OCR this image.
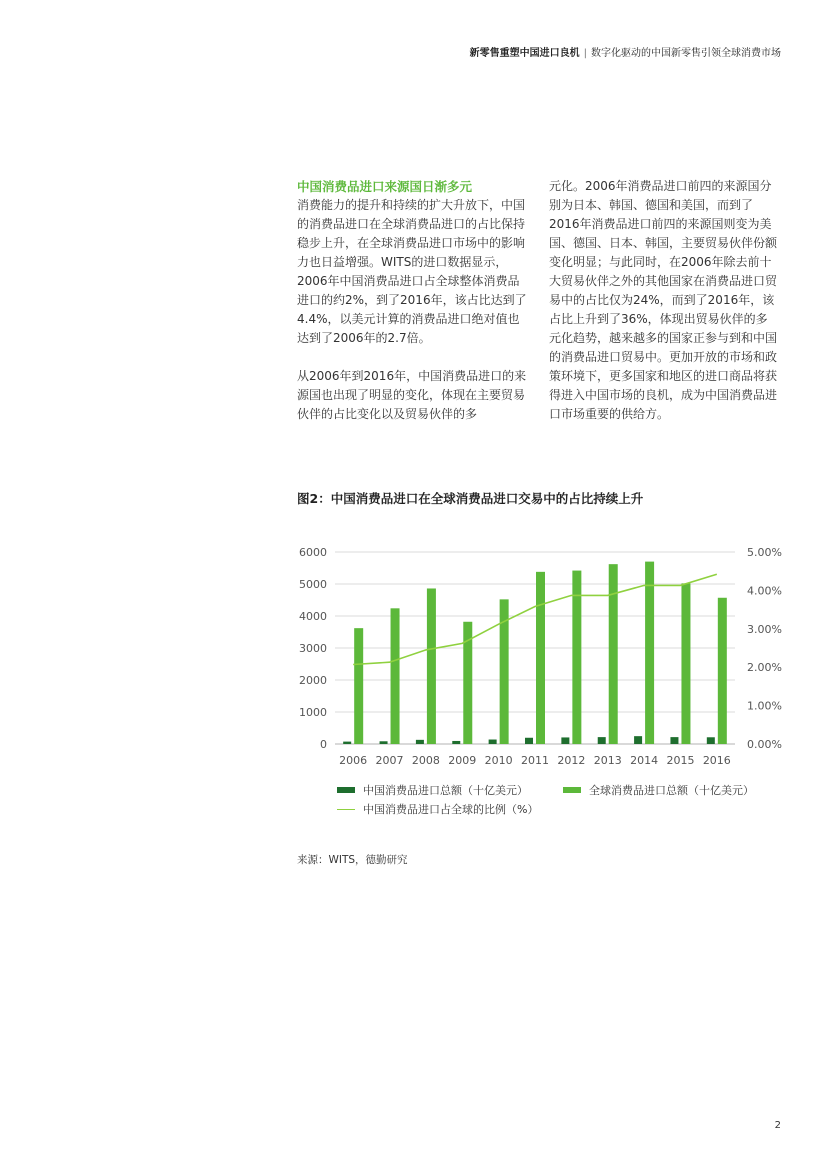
新零售重塑中国进口良机 | 数字化驱动的中国新零售引领全球消费市场
中国消费品进口来源国日渐多元

消费能力的提升和持续的扩大升放下，中国的消费品进口在全球消费品进口的占比保持稳步上升，在全球消费品进口市场中的影响力也日益增强。WITS的进口数据显示，2006年中国消费品进口占全球整体消费品进口的约2%，到了2016年，该占比达到了4.4%，以美元计算的消费品进口绝对值也达到了2006年的2.7倍。

从2006年到2016年，中国消费品进口的来源国也出现了明显的变化，体现在主要贸易伙伴的占比变化以及贸易伙伴的多

元化。2006年消费品进口前四的来源国分别为日本、韩国、德国和美国，而到了2016年消费品进口前四的来源国则变为美国、德国、日本、韩国，主要贸易伙伴份额变化明显；与此同时，在2006年除去前十大贸易伙伴之外的其他国家在消费品进口贸易中的占比仅为24%，而到了2016年，该占比上升到了36%，体现出贸易伙伴的多元化趋势，越来越多的国家正参与到和中国的消费品进口贸易中。更加开放的市场和政策环境下，更多国家和地区的进口商品将获得进入中国市场的良机，成为中国消费品进口市场重要的供给方。

图2：中国消费品进口在全球消费品进口交易中的占比持续上升
0
1000
2000
3000
4000
5000
6000
0.00%
1.00%
2.00%
3.00%
4.00%
5.00%
2006 2007 2008 2009 2010 2011 2012 2013 2014 2015 2016
中国消费品进口总额（十亿美元）	全球消费品进口总额（十亿美元）
中国消费品进口占全球的比例（%）
来源：WITS，德勤研究
2
